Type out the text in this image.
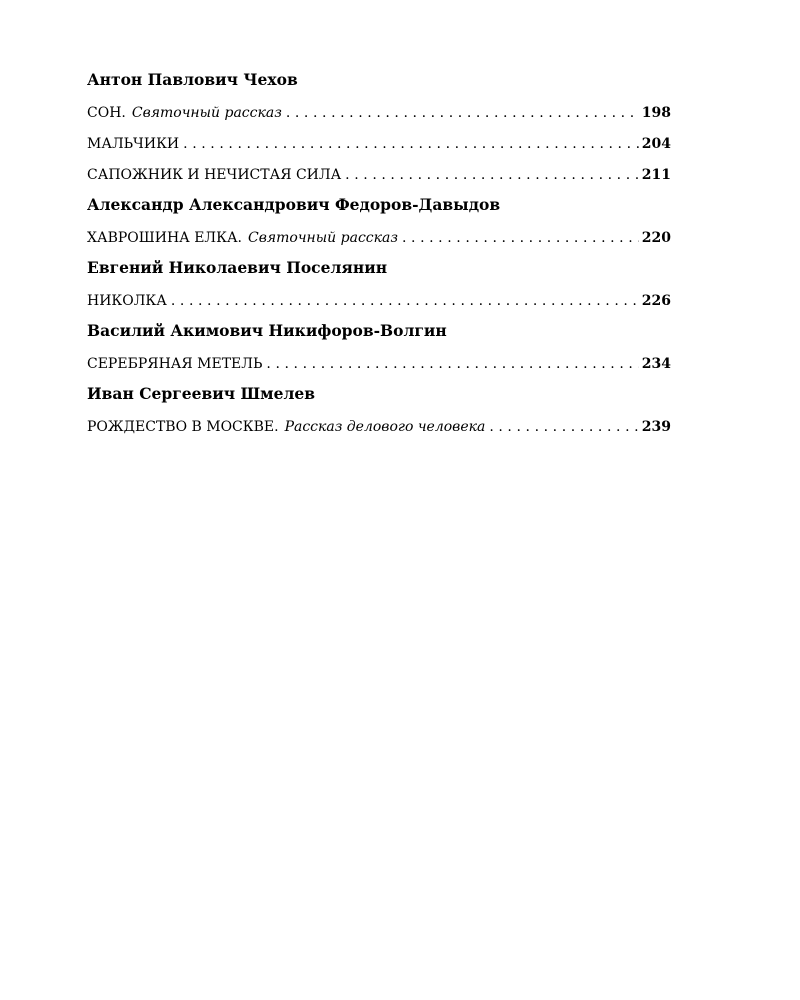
Антон Павлович Чехов
СОН. Святочный рассказ .....	198
МАЛЬЧИКИ .....	204
САПОЖНИК И НЕЧИСТАЯ СИЛА .....	211
Александр Александрович Федоров-Давыдов
ХАВРОШИНА ЕЛКА. Святочный рассказ .....	220
Евгений Николаевич Поселянин
НИКОЛКА .....	226
Василий Акимович Никифоров-Волгин
СЕРЕБРЯНАЯ МЕТЕЛЬ .....	234
Иван Сергеевич Шмелев
РОЖДЕСТВО В МОСКВЕ. Рассказ делового человека .....	239
